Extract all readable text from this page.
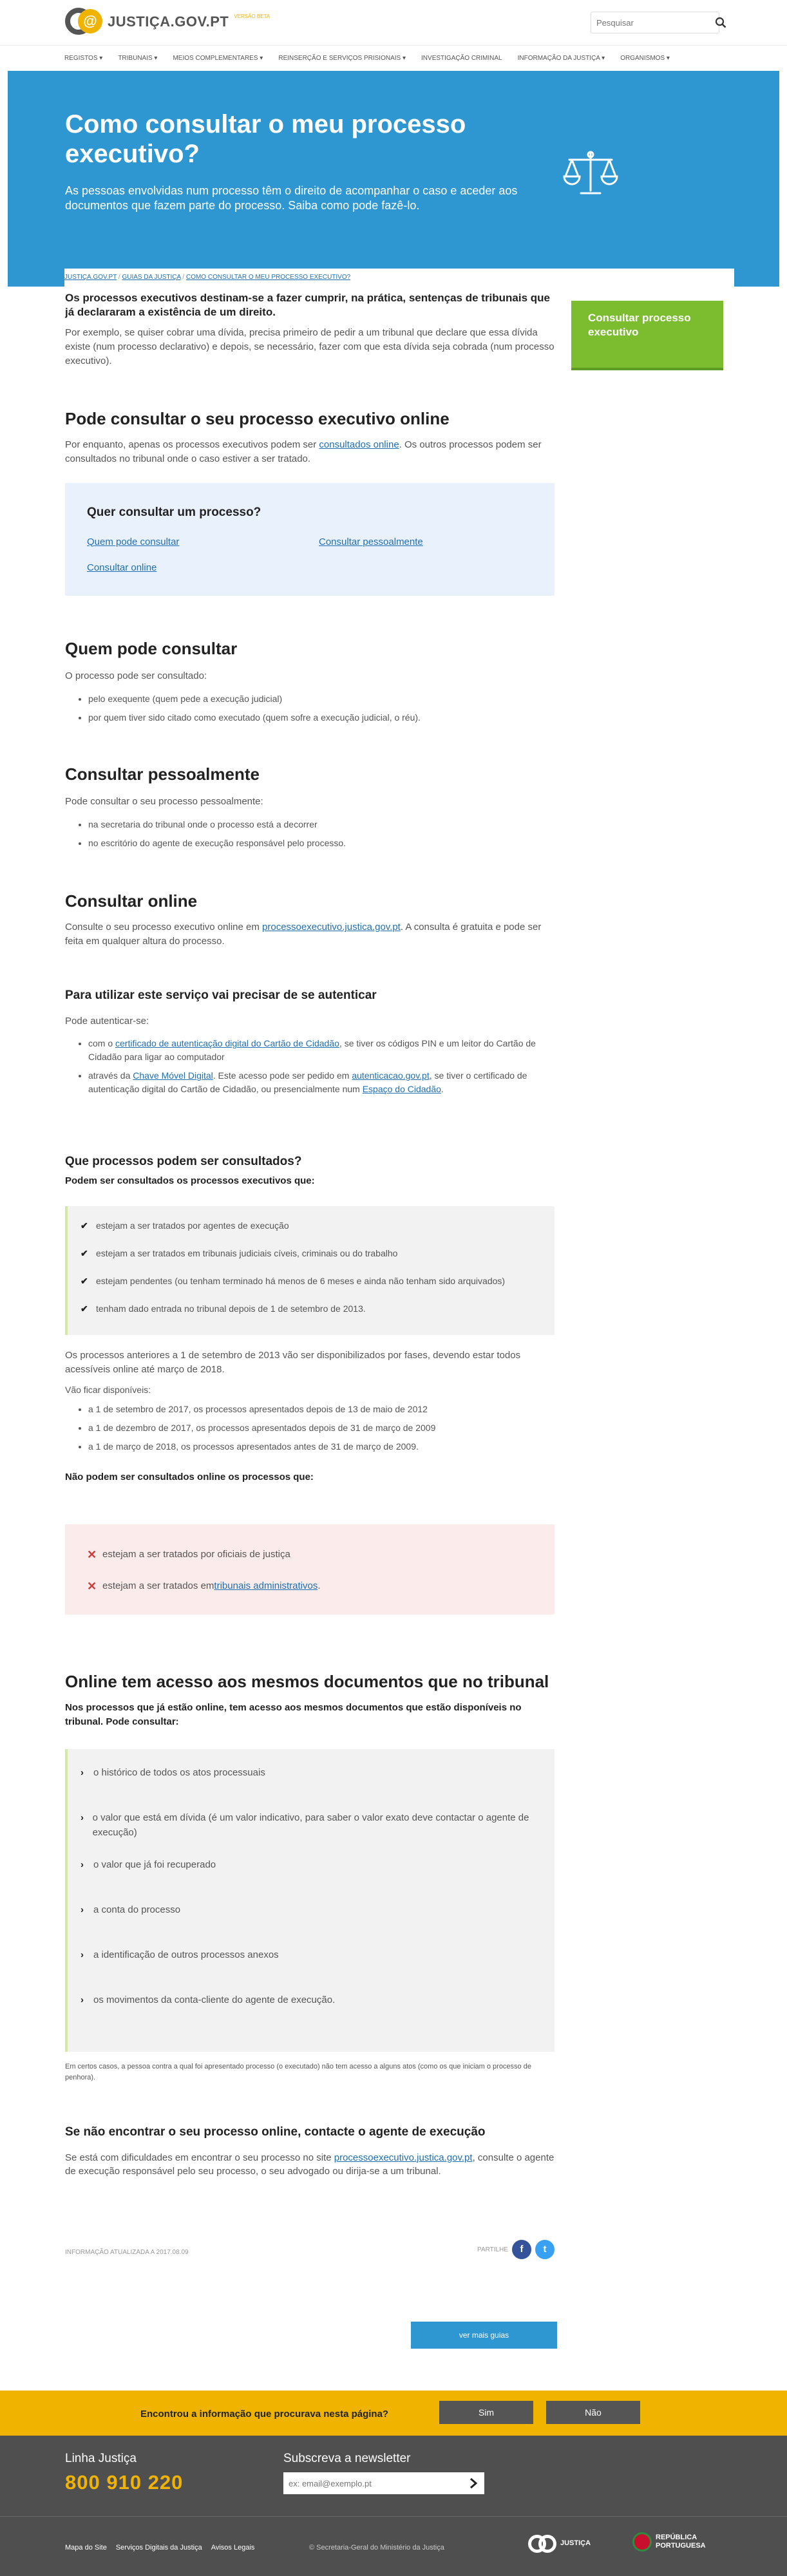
@ JUSTIÇA.GOV.PT VERSÃO BETA
Pesquisar
REGISTOS ▾ TRIBUNAIS ▾ MEIOS COMPLEMENTARES ▾ REINSERÇÃO E SERVIÇOS PRISIONAIS ▾ INVESTIGAÇÃO CRIMINAL INFORMAÇÃO DA JUSTIÇA ▾ ORGANISMOS ▾
Como consultar o meu processo executivo?

As pessoas envolvidas num processo têm o direito de acompanhar o caso e aceder aos documentos que fazem parte do processo. Saiba como pode fazê-lo.

JUSTIÇA.GOV.PT / GUIAS DA JUSTIÇA / COMO CONSULTAR O MEU PROCESSO EXECUTIVO?
Consultar processo executivo

Os processos executivos destinam-se a fazer cumprir, na prática, sentenças de tribunais que já declararam a existência de um direito.

Por exemplo, se quiser cobrar uma dívida, precisa primeiro de pedir a um tribunal que declare que essa dívida existe (num processo declarativo) e depois, se necessário, fazer com que esta dívida seja cobrada (num processo executivo).

Pode consultar o seu processo executivo online

Por enquanto, apenas os processos executivos podem ser consultados online. Os outros processos podem ser consultados no tribunal onde o caso estiver a ser tratado.

Quer consultar um processo?
Quem pode consultar	Consultar pessoalmente
Consultar online
Quem pode consultar

O processo pode ser consultado:

• pelo exequente (quem pede a execução judicial)
• por quem tiver sido citado como executado (quem sofre a execução judicial, o réu).
Consultar pessoalmente

Pode consultar o seu processo pessoalmente:

• na secretaria do tribunal onde o processo está a decorrer
• no escritório do agente de execução responsável pelo processo.
Consultar online

Consulte o seu processo executivo online em processoexecutivo.justica.gov.pt. A consulta é gratuita e pode ser feita em qualquer altura do processo.

Para utilizar este serviço vai precisar de se autenticar

Pode autenticar-se:

• com o certificado de autenticação digital do Cartão de Cidadão, se tiver os códigos PIN e um leitor do Cartão de Cidadão para ligar ao computador
• através da Chave Móvel Digital. Este acesso pode ser pedido em autenticacao.gov.pt, se tiver o certificado de autenticação digital do Cartão de Cidadão, ou presencialmente num Espaço do Cidadão.
Que processos podem ser consultados?
Podem ser consultados os processos executivos que:
✔ estejam a ser tratados por agentes de execução
✔ estejam a ser tratados em tribunais judiciais cíveis, criminais ou do trabalho
✔ estejam pendentes (ou tenham terminado há menos de 6 meses e ainda não tenham sido arquivados)
✔ tenham dado entrada no tribunal depois de 1 de setembro de 2013.

Os processos anteriores a 1 de setembro de 2013 vão ser disponibilizados por fases, devendo estar todos acessíveis online até março de 2018.

Vão ficar disponíveis:

• a 1 de setembro de 2017, os processos apresentados depois de 13 de maio de 2012
• a 1 de dezembro de 2017, os processos apresentados depois de 31 de março de 2009
• a 1 de março de 2018, os processos apresentados antes de 31 de março de 2009.
Não podem ser consultados online os processos que:
✕ estejam a ser tratados por oficiais de justiça
✕ estejam a ser tratados em tribunais administrativos .
Online tem acesso aos mesmos documentos que no tribunal
Nos processos que já estão online, tem acesso aos mesmos documentos que estão disponíveis no tribunal. Pode consultar:
›	o histórico de todos os atos processuais
› o valor que está em dívida (é um valor indicativo, para saber o valor exato deve contactar o agente de execução)
›	o valor que já foi recuperado
›	a conta do processo
›	a identificação de outros processos anexos
›	os movimentos da conta-cliente do agente de execução.

Em certos casos, a pessoa contra a qual foi apresentado processo (o executado) não tem acesso a alguns atos (como os que iniciam o processo de penhora).

Se não encontrar o seu processo online, contacte o agente de execução

Se está com dificuldades em encontrar o seu processo no site processoexecutivo.justica.gov.pt, consulte o agente de execução responsável pelo seu processo, o seu advogado ou dirija-se a um tribunal.

INFORMAÇÃO ATUALIZADA A 2017.08.09	PARTILHE	f	t
ver mais guias
Encontrou a informação que procurava nesta página?	Sim	Não
Linha Justiça
800 910 220
Subscreva a newsletter
ex: email@exemplo.pt
Mapa do Site Serviços Digitais da Justiça Avisos Legais	© Secretaria-Geral do Ministério da Justiça
JUSTIÇA
REPÚBLICA
PORTUGUESA
